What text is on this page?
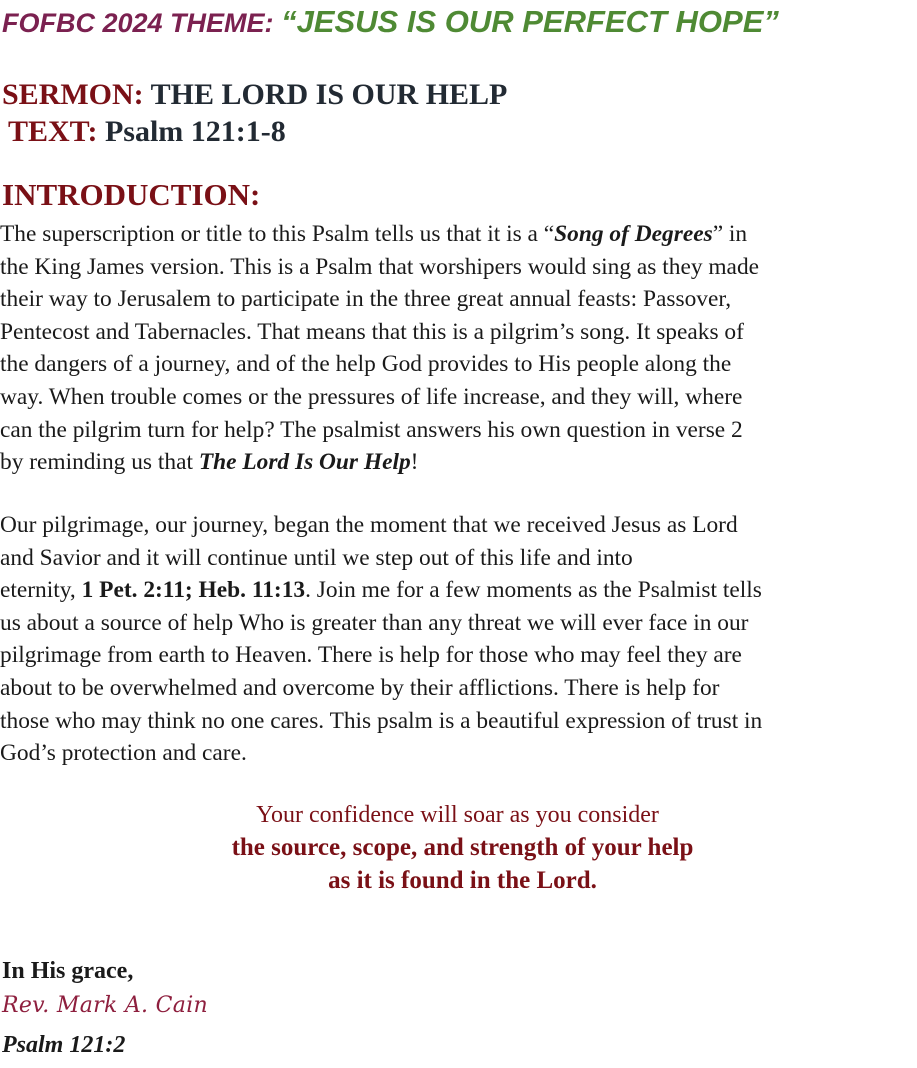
FOFBC 2024 THEME: “JESUS IS OUR PERFECT HOPE”
SERMON: THE LORD IS OUR HELP
TEXT: Psalm 121:1-8
INTRODUCTION:
The superscription or title to this Psalm tells us that it is a “Song of Degrees” in
the King James version. This is a Psalm that worshipers would sing as they made
their way to Jerusalem to participate in the three great annual feasts: Passover,
Pentecost and Tabernacles. That means that this is a pilgrim’s song. It speaks of
the dangers of a journey, and of the help God provides to His people along the
way. When trouble comes or the pressures of life increase, and they will, where
can the pilgrim turn for help? The psalmist answers his own question in verse 2
by reminding us that The Lord Is Our Help!
Our pilgrimage, our journey, began the moment that we received Jesus as Lord
and Savior and it will continue until we step out of this life and into
eternity, 1 Pet. 2:11; Heb. 11:13. Join me for a few moments as the Psalmist tells
us about a source of help Who is greater than any threat we will ever face in our
pilgrimage from earth to Heaven. There is help for those who may feel they are
about to be overwhelmed and overcome by their afflictions. There is help for
those who may think no one cares. This psalm is a beautiful expression of trust in
God’s protection and care.
Your confidence will soar as you consider
the source, scope, and strength of your help
as it is found in the Lord.
In His grace,
Rev. Mark A. Cain
Psalm 121:2
